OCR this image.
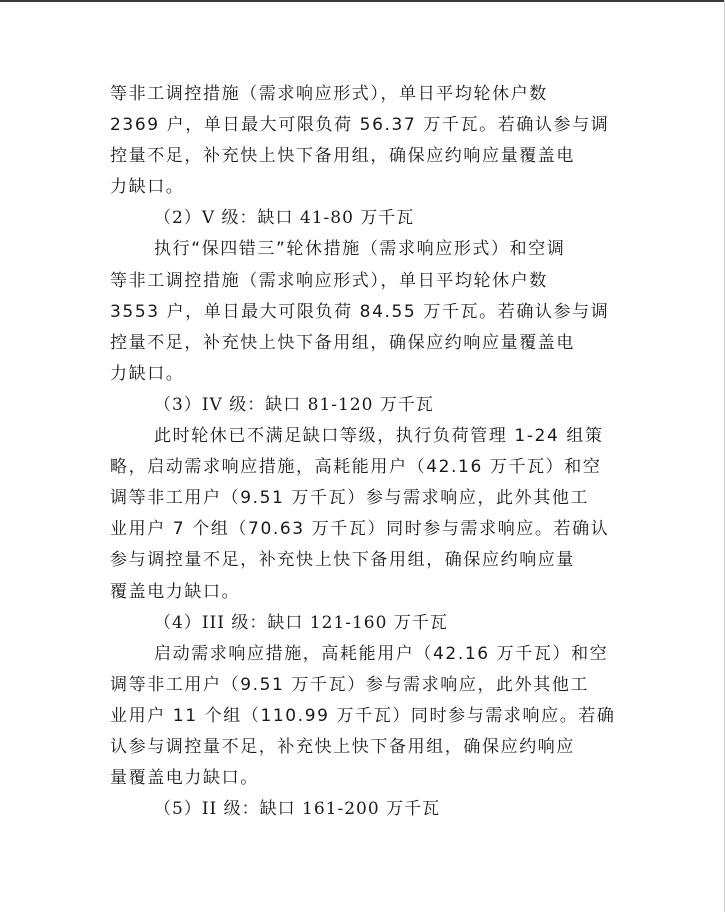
等非工调控措施（需求响应形式），单日平均轮休户数
2369 户，单日最大可限负荷 56.37 万千瓦。若确认参与调
控量不足，补充快上快下备用组，确保应约响应量覆盖电
力缺口。
（2）V 级：缺口 41-80 万千瓦
执行“保四错三”轮休措施（需求响应形式）和空调
等非工调控措施（需求响应形式），单日平均轮休户数
3553 户，单日最大可限负荷 84.55 万千瓦。若确认参与调
控量不足，补充快上快下备用组，确保应约响应量覆盖电
力缺口。
（3）IV 级：缺口 81-120 万千瓦
此时轮休已不满足缺口等级，执行负荷管理 1-24 组策
略，启动需求响应措施，高耗能用户（42.16 万千瓦）和空
调等非工用户（9.51 万千瓦）参与需求响应，此外其他工
业用户 7 个组（70.63 万千瓦）同时参与需求响应。若确认
参与调控量不足，补充快上快下备用组，确保应约响应量
覆盖电力缺口。
（4）III 级：缺口 121-160 万千瓦
启动需求响应措施，高耗能用户（42.16 万千瓦）和空
调等非工用户（9.51 万千瓦）参与需求响应，此外其他工
业用户 11 个组（110.99 万千瓦）同时参与需求响应。若确
认参与调控量不足，补充快上快下备用组，确保应约响应
量覆盖电力缺口。
（5）II 级：缺口 161-200 万千瓦
